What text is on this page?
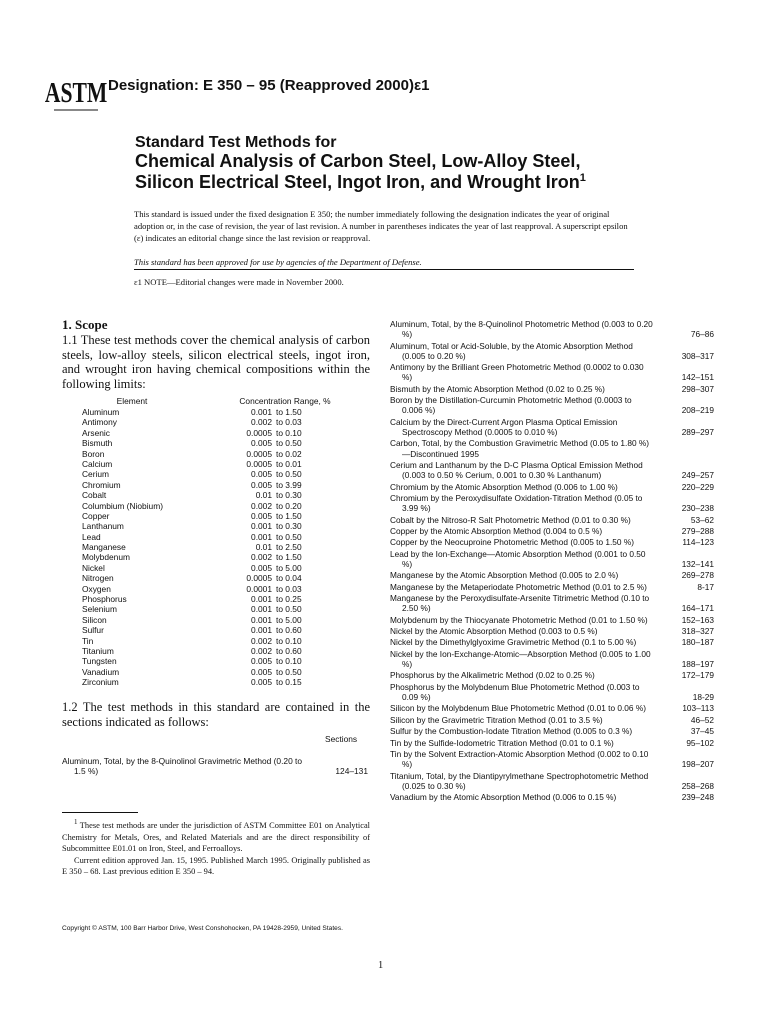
ASTM Designation: E 350 – 95 (Reapproved 2000)ε1
Standard Test Methods for
Chemical Analysis of Carbon Steel, Low-Alloy Steel, Silicon Electrical Steel, Ingot Iron, and Wrought Iron$^1$
This standard is issued under the fixed designation E 350; the number immediately following the designation indicates the year of original adoption or, in the case of revision, the year of last revision. A number in parentheses indicates the year of last reapproval. A superscript epsilon (ε) indicates an editorial change since the last revision or reapproval.
This standard has been approved for use by agencies of the Department of Defense.
ε1 NOTE—Editorial changes were made in November 2000.
1. Scope
1.1 These test methods cover the chemical analysis of carbon steels, low-alloy steels, silicon electrical steels, ingot iron, and wrought iron having chemical compositions within the following limits:
Element	Concentration Range, %
Aluminum	0.001 to 1.50
Antimony	0.002 to 0.03
Arsenic	0.0005 to 0.10
Bismuth	0.005 to 0.50
Boron	0.0005 to 0.02
Calcium	0.0005 to 0.01
Cerium	0.005 to 0.50
Chromium	0.005 to 3.99
Cobalt	0.01 to 0.30
Columbium (Niobium)	0.002 to 0.20
Copper	0.005 to 1.50
Lanthanum	0.001 to 0.30
Lead	0.001 to 0.50
Manganese	0.01 to 2.50
Molybdenum	0.002 to 1.50
Nickel	0.005 to 5.00
Nitrogen	0.0005 to 0.04
Oxygen	0.0001 to 0.03
Phosphorus	0.001 to 0.25
Selenium	0.001 to 0.50
Silicon	0.001 to 5.00
Sulfur	0.001 to 0.60
Tin	0.002 to 0.10
Titanium	0.002 to 0.60
Tungsten	0.005 to 0.10
Vanadium	0.005 to 0.50
Zirconium	0.005 to 0.15
1.2 The test methods in this standard are contained in the sections indicated as follows:
Sections
Aluminum, Total, by the 8-Quinolinol Gravimetric Method (0.20 to 1.5 %)	124–131
$^1$ These test methods are under the jurisdiction of ASTM Committee E01 on Analytical Chemistry for Metals, Ores, and Related Materials and are the direct responsibility of Subcommittee E01.01 on Iron, Steel, and Ferroalloys.
Current edition approved Jan. 15, 1995. Published March 1995. Originally published as E 350 – 68. Last previous edition E 350 – 94.
Copyright © ASTM, 100 Barr Harbor Drive, West Conshohocken, PA 19428-2959, United States.
1
Aluminum, Total, by the 8-Quinolinol Photometric Method (0.003 to 0.20 %)	76–86
Aluminum, Total or Acid-Soluble, by the Atomic Absorption Method (0.005 to 0.20 %)	308–317
Antimony by the Brilliant Green Photometric Method (0.0002 to 0.030 %)	142–151
Bismuth by the Atomic Absorption Method (0.02 to 0.25 %)	298–307
Boron by the Distillation-Curcumin Photometric Method (0.0003 to 0.006 %)	208–219
Calcium by the Direct-Current Argon Plasma Optical Emission Spectroscopy Method (0.0005 to 0.010 %)	289–297
Carbon, Total, by the Combustion Gravimetric Method (0.05 to 1.80 %)—Discontinued 1995
Cerium and Lanthanum by the D-C Plasma Optical Emission Method (0.003 to 0.50 % Cerium, 0.001 to 0.30 % Lanthanum)	249–257
Chromium by the Atomic Absorption Method (0.006 to 1.00 %)	220–229
Chromium by the Peroxydisulfate Oxidation-Titration Method (0.05 to 3.99 %)	230–238
Cobalt by the Nitroso-R Salt Photometric Method (0.01 to 0.30 %)	53–62
Copper by the Atomic Absorption Method (0.004 to 0.5 %)	279–288
Copper by the Neocuproine Photometric Method (0.005 to 1.50 %)	114–123
Lead by the Ion-Exchange—Atomic Absorption Method (0.001 to 0.50 %)	132–141
Manganese by the Atomic Absorption Method (0.005 to 2.0 %)	269–278
Manganese by the Metaperiodate Photometric Method (0.01 to 2.5 %)	8-17
Manganese by the Peroxydisulfate-Arsenite Titrimetric Method (0.10 to 2.50 %)	164–171
Molybdenum by the Thiocyanate Photometric Method (0.01 to 1.50 %)	152–163
Nickel by the Atomic Absorption Method (0.003 to 0.5 %)	318–327
Nickel by the Dimethylglyoxime Gravimetric Method (0.1 to 5.00 %)	180–187
Nickel by the Ion-Exchange-Atomic—Absorption Method (0.005 to 1.00 %)	188–197
Phosphorus by the Alkalimetric Method (0.02 to 0.25 %)	172–179
Phosphorus by the Molybdenum Blue Photometric Method (0.003 to 0.09 %)	18-29
Silicon by the Molybdenum Blue Photometric Method (0.01 to 0.06 %)	103–113
Silicon by the Gravimetric Titration Method (0.01 to 3.5 %)	46–52
Sulfur by the Combustion-Iodate Titration Method (0.005 to 0.3 %)	37–45
Tin by the Sulfide-Iodometric Titration Method (0.01 to 0.1 %)	95–102
Tin by the Solvent Extraction-Atomic Absorption Method (0.002 to 0.10 %)	198–207
Titanium, Total, by the Diantipyrylmethane Spectrophotometric Method (0.025 to 0.30 %)	258–268
Vanadium by the Atomic Absorption Method (0.006 to 0.15 %)	239–248
